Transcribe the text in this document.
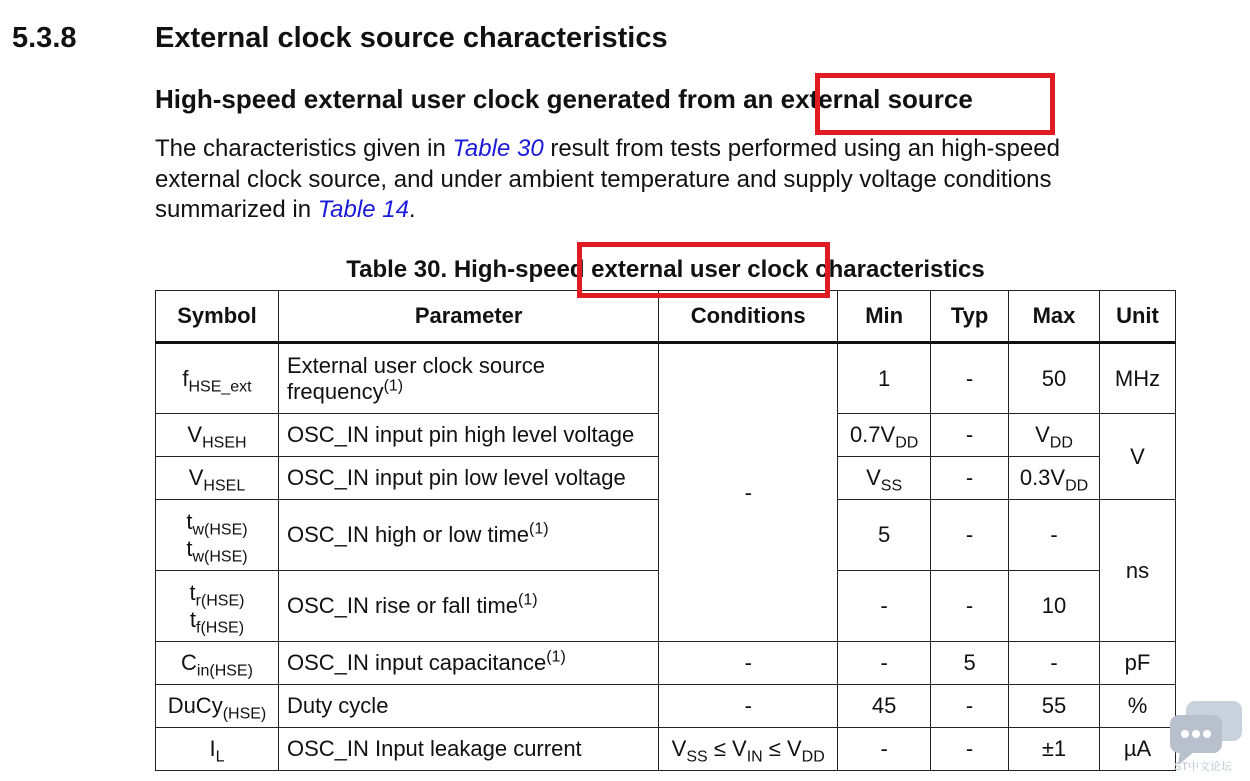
5.3.8	External clock source characteristics
High-speed external user clock generated from an external source
The characteristics given in Table 30 result from tests performed using an high-speed external clock source, and under ambient temperature and supply voltage conditions summarized in Table 14.
Table 30. High-speed external user clock characteristics
Symbol	Parameter	Conditions	Min	Typ	Max	Unit
$f_{HSE\_ext}$	External user clock source frequency$^{(1)}$	-	1	-	50	MHz
$V_{HSEH}$	OSC_IN input pin high level voltage		$0.7V_{DD}$	-	$V_{DD}$	V
$V_{HSEL}$	OSC_IN input pin low level voltage		$V_{SS}$	-	$0.3V_{DD}$
$t_{w(HSE)}$
$t_{w(HSE)}$	OSC_IN high or low time$^{(1)}$		5	-	-	ns
$t_{r(HSE)}$
$t_{f(HSE)}$	OSC_IN rise or fall time$^{(1)}$		-	-	10	
$C_{in(HSE)}$	OSC_IN input capacitance$^{(1)}$	-	-	5	-	pF
DuCy$_{(HSE)}$	Duty cycle	-	45	-	55	%
$I_L$	OSC_IN Input leakage current	$V_{SS} \le V_{IN} \le V_{DD}$	-	-	±1	µA
ST中文论坛
